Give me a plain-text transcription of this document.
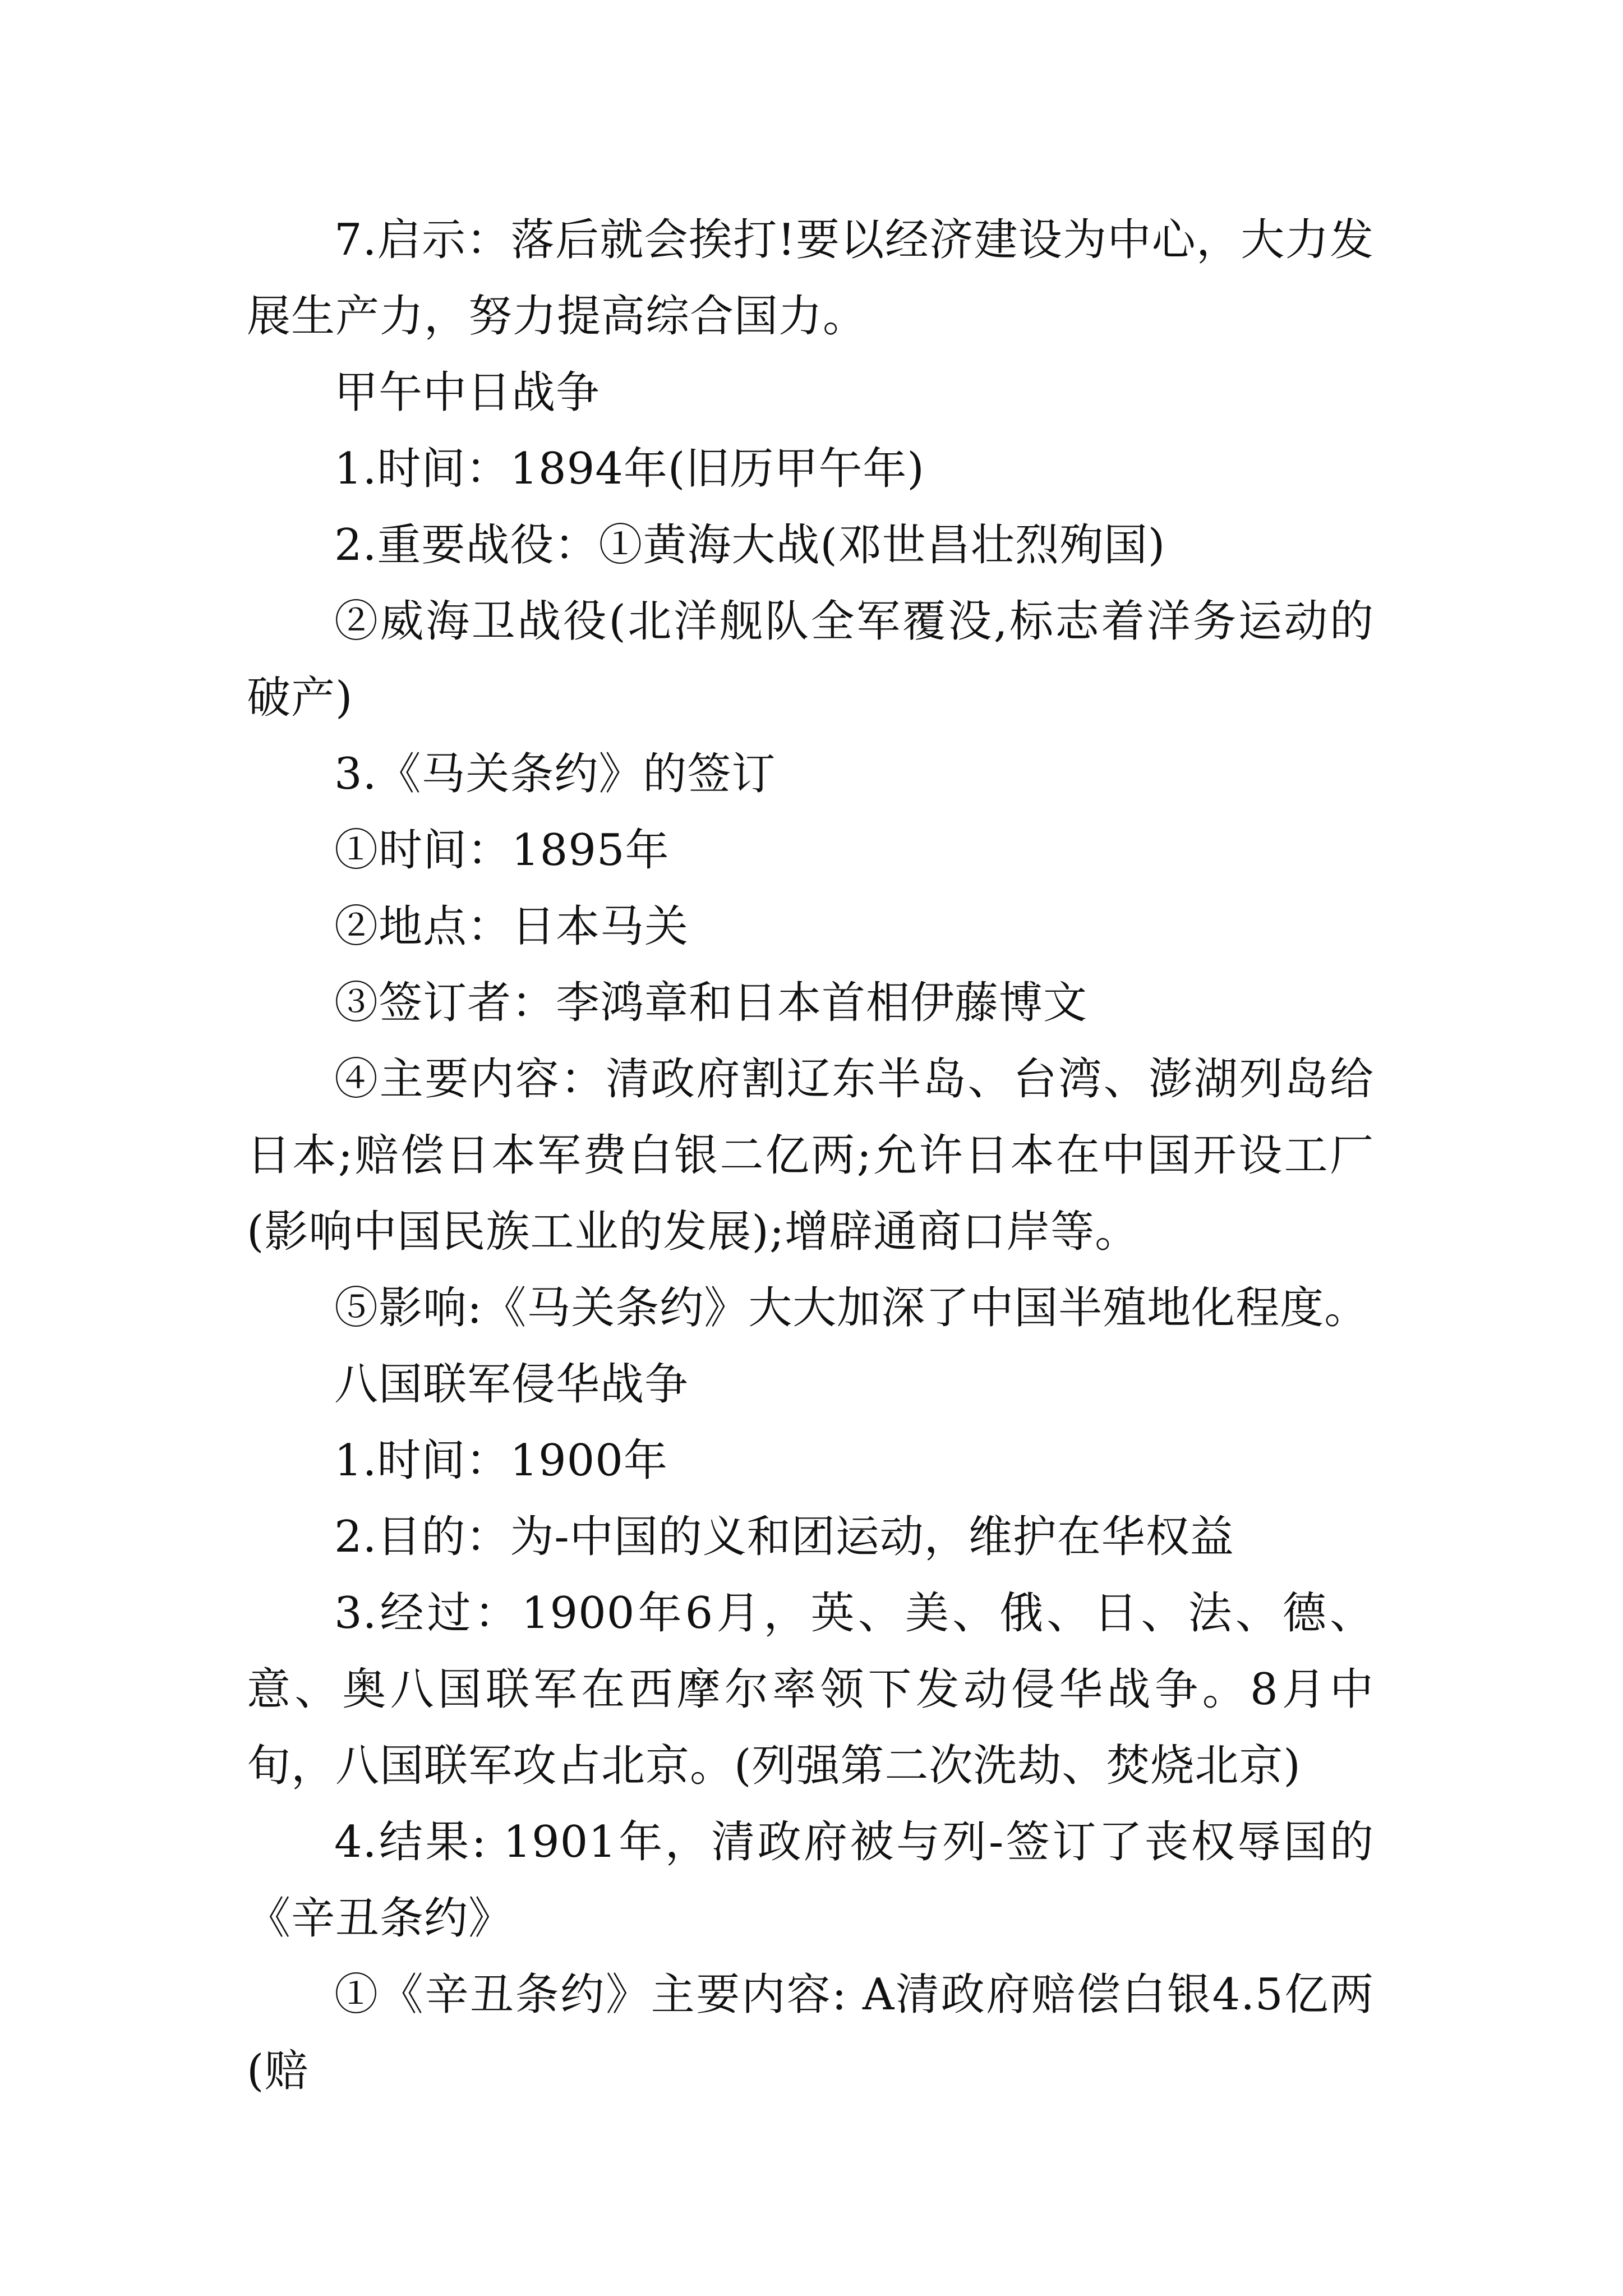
7.启示：落后就会挨打!要以经济建设为中心，大力发展生产力，努力提高综合国力。

甲午中日战争

1.时间：1894年(旧历甲午年)

2.重要战役：①黄海大战(邓世昌壮烈殉国)

②威海卫战役(北洋舰队全军覆没,标志着洋务运动的破产)

3.《马关条约》的签订

①时间：1895年

②地点：日本马关

③签订者：李鸿章和日本首相伊藤博文

④主要内容：清政府割辽东半岛、台湾、澎湖列岛给日本;赔偿日本军费白银二亿两;允许日本在中国开设工厂(影响中国民族工业的发展);增辟通商口岸等。

⑤影响:《马关条约》大大加深了中国半殖地化程度。

八国联军侵华战争

1.时间：1900年

2.目的：为-中国的义和团运动，维护在华权益

3.经过：1900年6月，英、美、俄、日、法、德、意、奥八国联军在西摩尔率领下发动侵华战争。8月中旬，八国联军攻占北京。(列强第二次洗劫、焚烧北京)

4.结果: 1901年，清政府被与列-签订了丧权辱国的《辛丑条约》

①《辛丑条约》主要内容: A清政府赔偿白银4.5亿两(赔
